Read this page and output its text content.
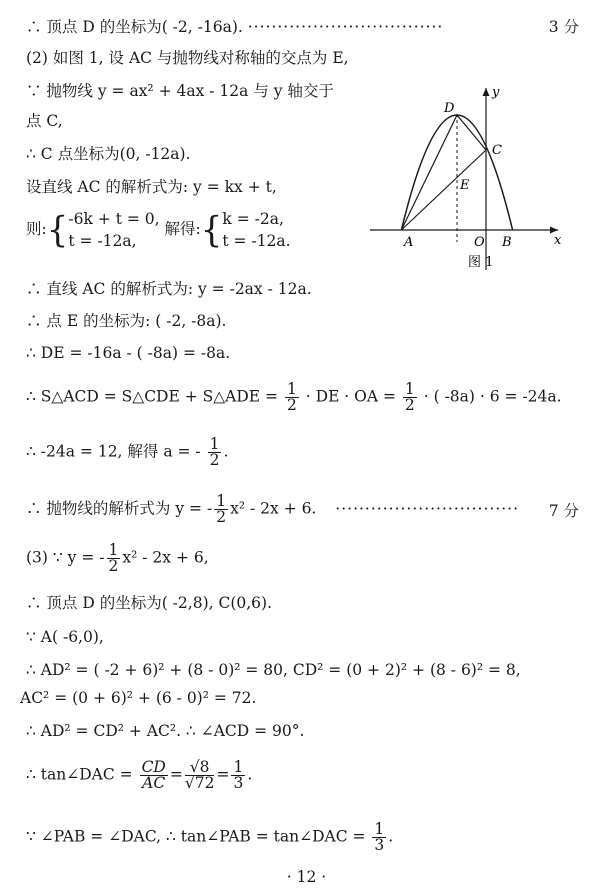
∴ 顶点 D 的坐标为( -2, -16a). ·································	3 分
(2) 如图 1, 设 AC 与抛物线对称轴的交点为 E,
∵ 抛物线 y = ax² + 4ax - 12a 与 y 轴交于
点 C,
∴ C 点坐标为(0, -12a).
设直线 AC 的解析式为: y = kx + t,
则:{ -6k + t = 0,
t = -12a,
解得:{ k = -2a,
t = -12a.
∴ 直线 AC 的解析式为: y = -2ax - 12a.
∴ 点 E 的坐标为: ( -2, -8a).
∴ DE = -16a - ( -8a) = -8a.
∴ S△ACD = S△CDE + S△ADE = $\frac{1}{2}$ · DE · OA = $\frac{1}{2}$ · ( -8a) · 6 = -24a.
∴ -24a = 12, 解得 a = - $\frac{1}{2}$ .
∴ 抛物线的解析式为 y = - $\frac{1}{2} x^2 - 2x + 6$. ······························· 7 分
(3) ∵ y = - $\frac{1}{2} x^2 - 2x + 6$,
∴ 顶点 D 的坐标为( -2,8), C(0,6).
∵ A( -6,0),
∴ AD² = ( -2 + 6)² + (8 - 0)² = 80, CD² = (0 + 2)² + (8 - 6)² = 8,
AC² = (0 + 6)² + (6 - 0)² = 72.
∴ AD² = CD² + AC². ∴ ∠ACD = 90°.
∴ tan∠DAC = $\frac{CD}{AC} = \frac{√8}{√72} = \frac{1}{3}$ .
∵ ∠PAB = ∠DAC, ∴ tan∠PAB = tan∠DAC = $\frac{1}{3}$ .
y
x
D
C
E
A	O B
图 1
· 12 ·
